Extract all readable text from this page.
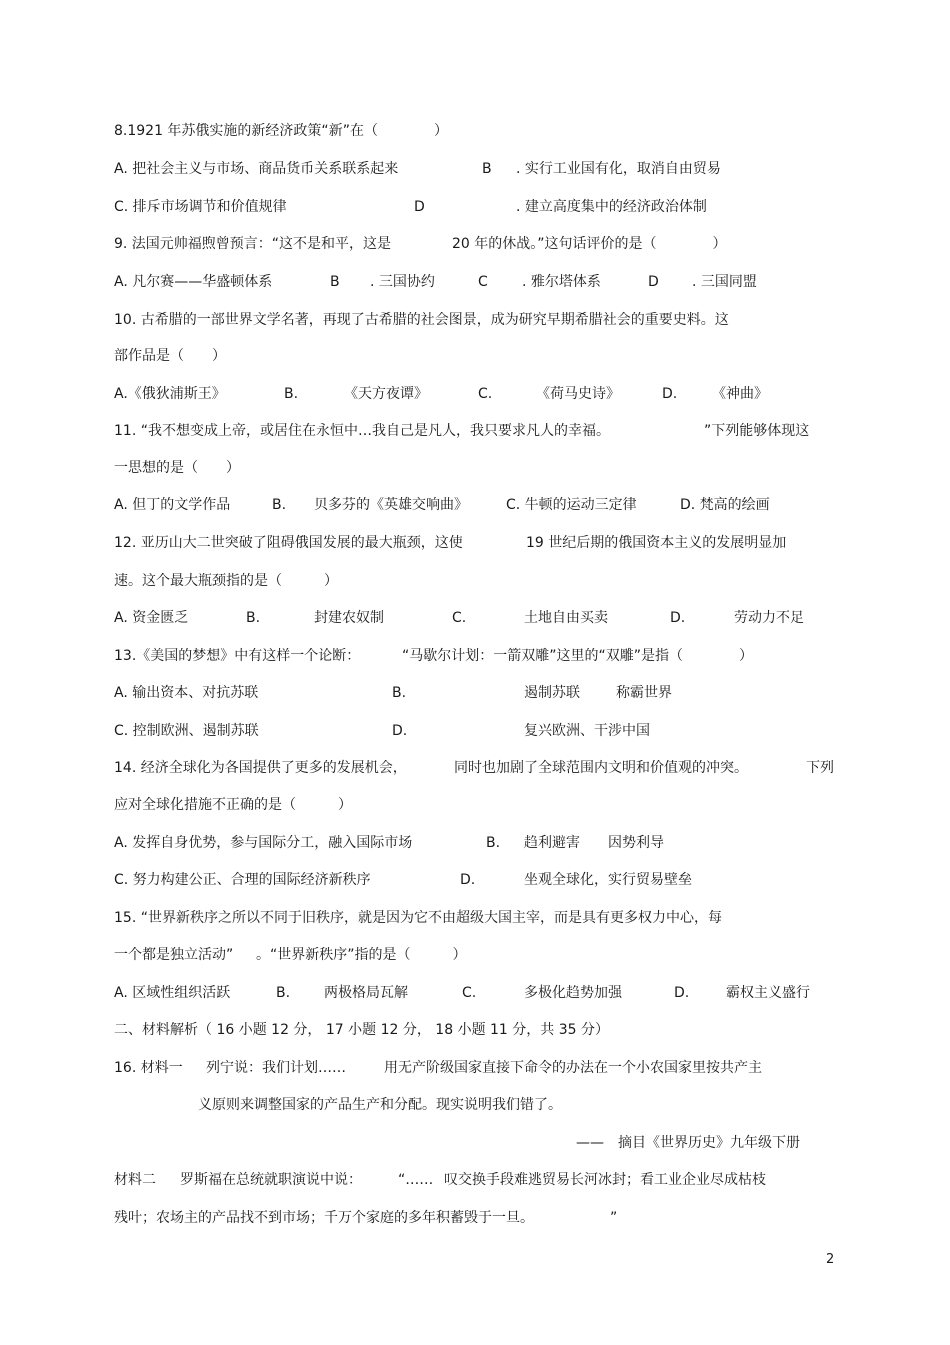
8.1921 年苏俄实施的新经济政策“新”在（　　　　）
A. 把社会主义与市场、商品货币关系联系起来	B . 实行工业国有化，取消自由贸易
C. 排斥市场调节和价值规律	D	. 建立高度集中的经济政治体制
9. 法国元帅福煦曾预言：“这不是和平，这是	20 年的休战。”这句话评价的是（　　　　）
A. 凡尔赛——华盛顿体系	B . 三国协约	C . 雅尔塔体系	D . 三国同盟
10. 古希腊的一部世界文学名著，再现了古希腊的社会图景，成为研究早期希腊社会的重要史料。这
部作品是（　　）
A.《俄狄浦斯王》	B.	《天方夜谭》	C.	《荷马史诗》	D. 《神曲》
11. “我不想变成上帝，或居住在永恒中…我自己是凡人，我只要求凡人的幸福。	”下列能够体现这
一思想的是（　　）
A. 但丁的文学作品	B. 贝多芬的《英雄交响曲》	C. 牛顿的运动三定律	D. 梵高的绘画
12. 亚历山大二世突破了阻碍俄国发展的最大瓶颈，这使	19 世纪后期的俄国资本主义的发展明显加
速。这个最大瓶颈指的是（　　　）
A. 资金匮乏	B.	封建农奴制	C.	土地自由买卖	D.	劳动力不足
13.《美国的梦想》中有这样一个论断：	“马歇尔计划：一箭双雕”这里的“双雕”是指（　　　　）
A. 输出资本、对抗苏联	B.	遏制苏联	称霸世界
C. 控制欧洲、遏制苏联	D.	复兴欧洲、干涉中国
14. 经济全球化为各国提供了更多的发展机会，	同时也加剧了全球范围内文明和价值观的冲突。	下列
应对全球化措施不正确的是（　　　）
A. 发挥自身优势，参与国际分工，融入国际市场	B. 趋利避害 因势利导
C. 努力构建公正、合理的国际经济新秩序	D.	坐观全球化，实行贸易壁垒
15. “世界新秩序之所以不同于旧秩序，就是因为它不由超级大国主宰，而是具有更多权力中心，每
一个都是独立活动” 。“世界新秩序”指的是（　　　）
A. 区域性组织活跃	B. 两极格局瓦解	C.	多极化趋势加强	D.	霸权主义盛行
二、材料解析（ 16 小题 12 分， 17 小题 12 分， 18 小题 11 分，共 35 分）
16. 材料一 列宁说：我们计划……	用无产阶级国家直接下命令的办法在一个小农国家里按共产主
义原则来调整国家的产品生产和分配。现实说明我们错了。
——　摘目《世界历史》九年级下册
材料二 罗斯福在总统就职演说中说：	“…… 叹交换手段难逃贸易长河冰封；看工业企业尽成枯枝
残叶；农场主的产品找不到市场；千万个家庭的多年积蓄毁于一旦。	”
2
